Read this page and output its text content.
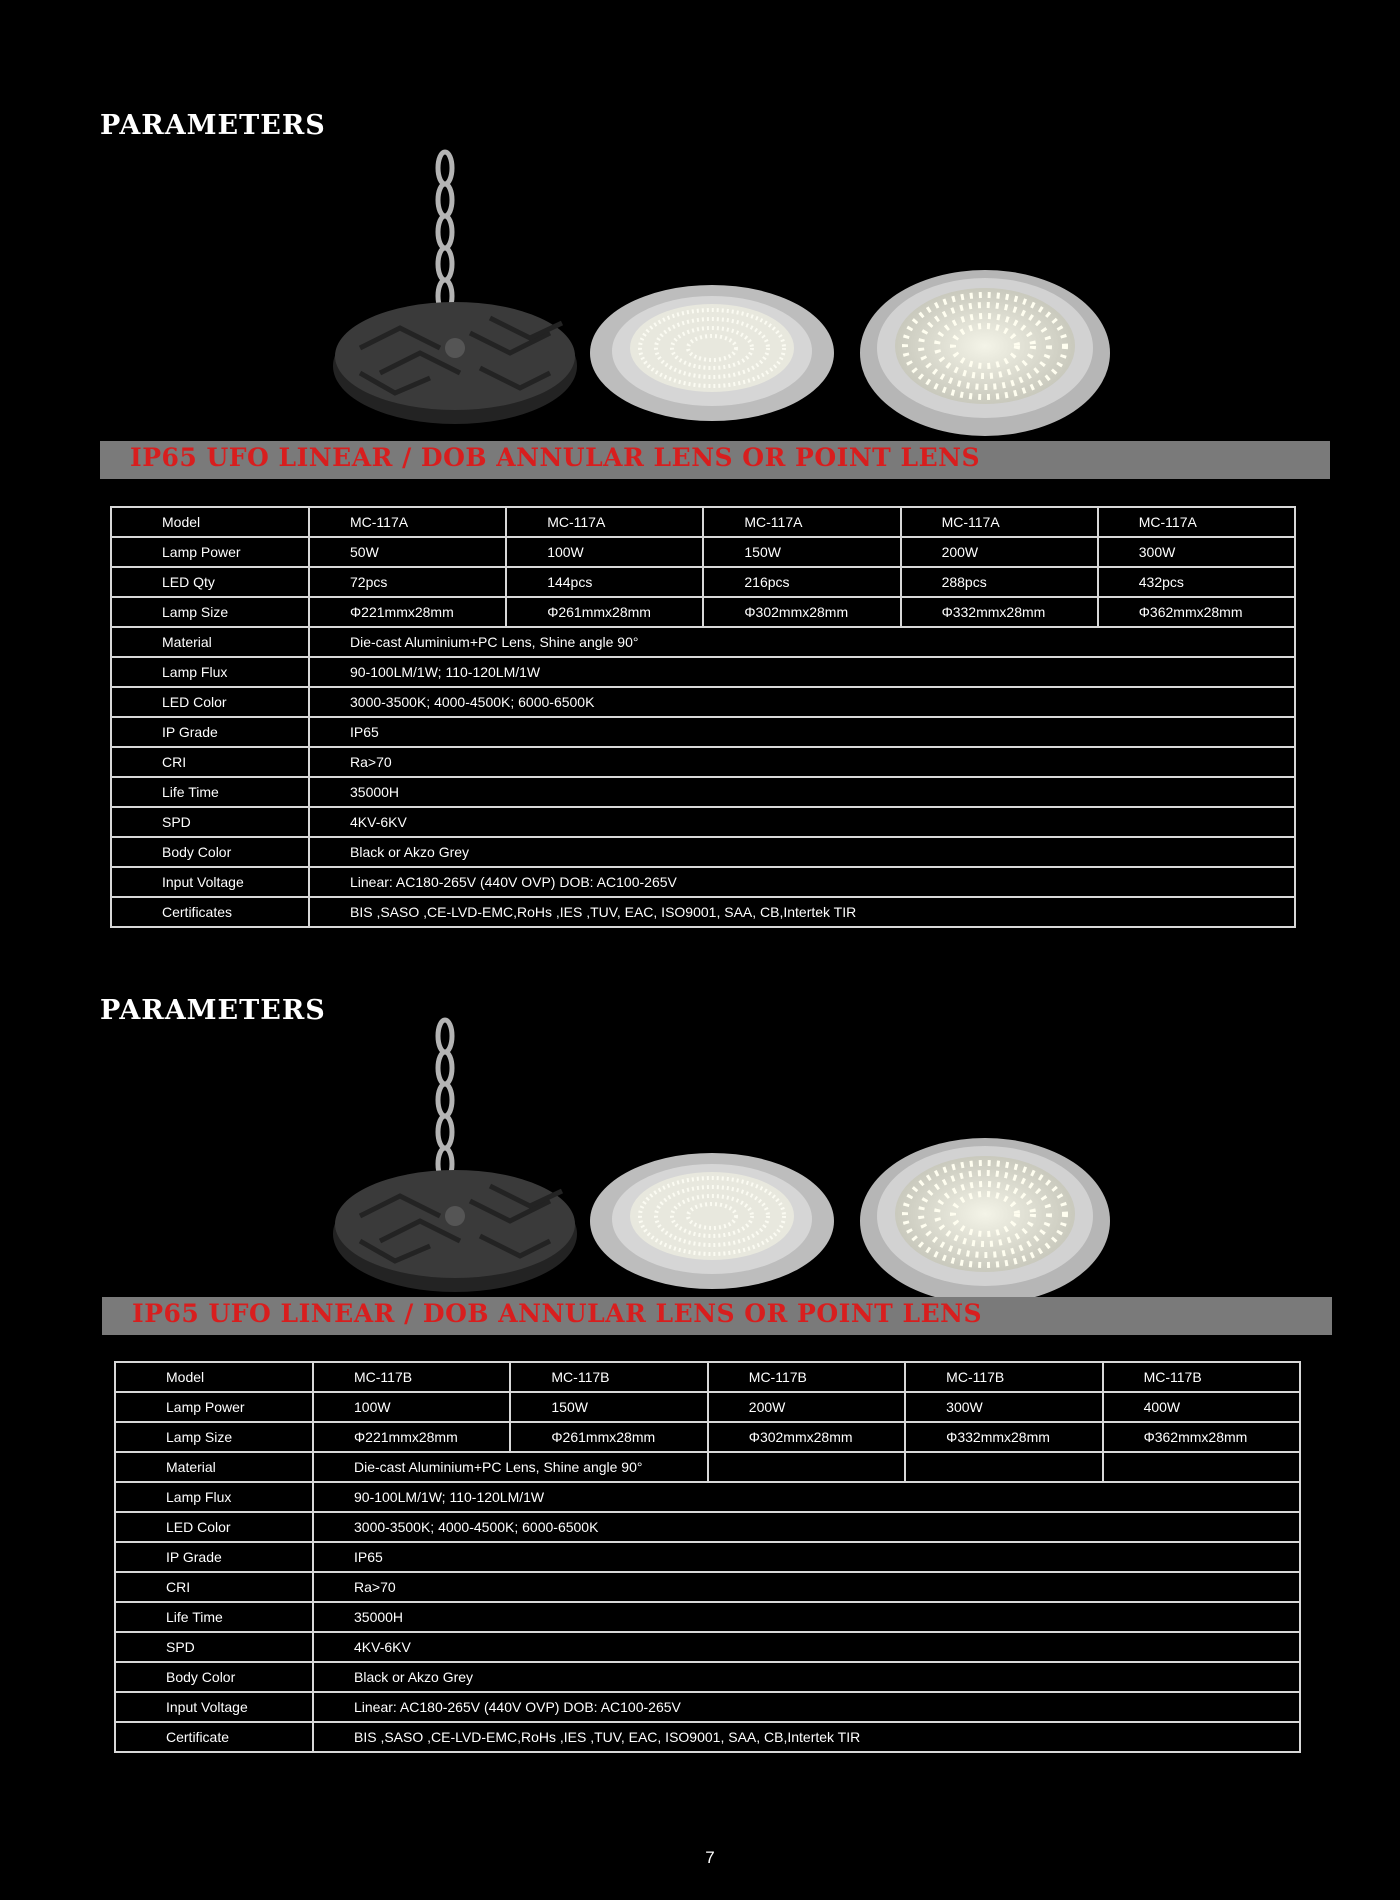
PARAMETERS
IP65 UFO LINEAR / DOB ANNULAR LENS OR POINT LENS
Model	MC-117A	MC-117A	MC-117A	MC-117A	MC-117A
Lamp Power	50W	100W	150W	200W	300W
LED Qty	72pcs	144pcs	216pcs	288pcs	432pcs
Lamp Size	Φ221mmx28mm	Φ261mmx28mm	Φ302mmx28mm	Φ332mmx28mm	Φ362mmx28mm
Material	Die-cast Aluminium+PC Lens, Shine angle 90°				
Lamp Flux	90-100LM/1W; 110-120LM/1W				
LED Color	3000-3500K; 4000-4500K; 6000-6500K				
IP Grade	IP65				
CRI	Ra>70				
Life Time	35000H				
SPD	4KV-6KV				
Body Color	Black or Akzo Grey				
Input Voltage	Linear: AC180-265V (440V OVP) DOB: AC100-265V				
Certificates	BIS ,SASO ,CE-LVD-EMC,RoHs ,IES ,TUV, EAC, ISO9001, SAA, CB,Intertek TIR				
PARAMETERS
IP65 UFO LINEAR / DOB ANNULAR LENS OR POINT LENS
Model	MC-117B	MC-117B	MC-117B	MC-117B	MC-117B
Lamp Power	100W	150W	200W	300W	400W
Lamp Size	Φ221mmx28mm	Φ261mmx28mm	Φ302mmx28mm	Φ332mmx28mm	Φ362mmx28mm
Material	Die-cast Aluminium+PC Lens, Shine angle 90°				
Lamp Flux	90-100LM/1W; 110-120LM/1W				
LED Color	3000-3500K; 4000-4500K; 6000-6500K				
IP Grade	IP65				
CRI	Ra>70				
Life Time	35000H				
SPD	4KV-6KV				
Body Color	Black or Akzo Grey				
Input Voltage	Linear: AC180-265V (440V OVP) DOB: AC100-265V				
Certificate	BIS ,SASO ,CE-LVD-EMC,RoHs ,IES ,TUV, EAC, ISO9001, SAA, CB,Intertek TIR				
7
